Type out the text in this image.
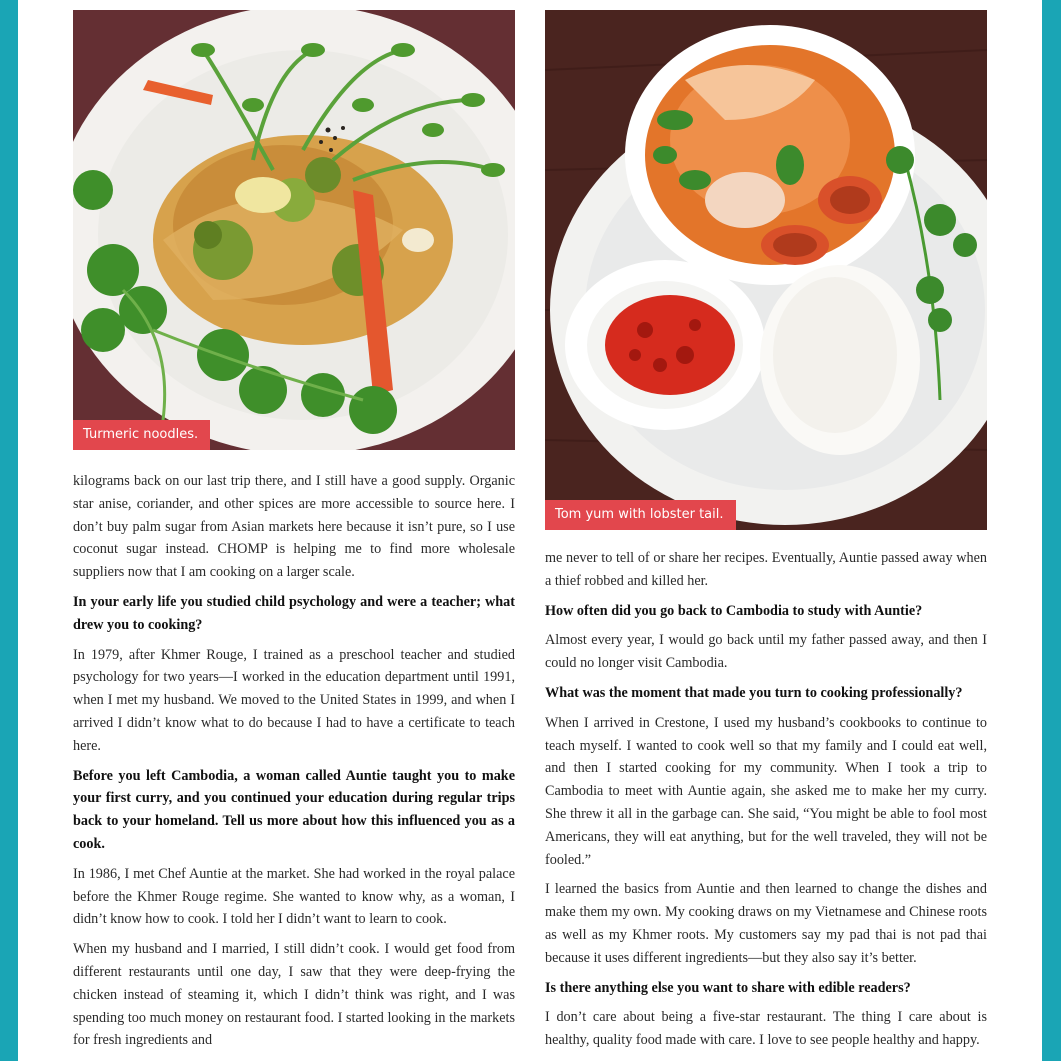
Turmeric noodles.

kilograms back on our last trip there, and I still have a good supply. Organic star anise, coriander, and other spices are more accessible to source here. I don’t buy palm sugar from Asian markets here because it isn’t pure, so I use coconut sugar instead. CHOMP is helping me to find more wholesale suppliers now that I am cooking on a larger scale.

In your early life you studied child psychology and were a teacher; what drew you to cooking?

In 1979, after Khmer Rouge, I trained as a preschool teacher and studied psychology for two years—I worked in the education department until 1991, when I met my husband. We moved to the United States in 1999, and when I arrived I didn’t know what to do because I had to have a certificate to teach here.

Before you left Cambodia, a woman called Auntie taught you to make your first curry, and you continued your education during regular trips back to your homeland. Tell us more about how this influenced you as a cook.

In 1986, I met Chef Auntie at the market. She had worked in the royal palace before the Khmer Rouge regime. She wanted to know why, as a woman, I didn’t know how to cook. I told her I didn’t want to learn to cook.

When my husband and I married, I still didn’t cook. I would get food from different restaurants until one day, I saw that they were deep-frying the chicken instead of steaming it, which I didn’t think was right, and I was spending too much money on restaurant food. I started looking in the markets for fresh ingredients and

Tom yum with lobster tail.

me never to tell of or share her recipes. Eventually, Auntie passed away when a thief robbed and killed her.

How often did you go back to Cambodia to study with Auntie?

Almost every year, I would go back until my father passed away, and then I could no longer visit Cambodia.

What was the moment that made you turn to cooking professionally?

When I arrived in Crestone, I used my husband’s cookbooks to continue to teach myself. I wanted to cook well so that my family and I could eat well, and then I started cooking for my community. When I took a trip to Cambodia to meet with Auntie again, she asked me to make her my curry. She threw it all in the garbage can. She said, “You might be able to fool most Americans, they will eat anything, but for the well traveled, they will not be fooled.”

I learned the basics from Auntie and then learned to change the dishes and make them my own. My cooking draws on my Vietnamese and Chinese roots as well as my Khmer roots. My customers say my pad thai is not pad thai because it uses different ingredients—but they also say it’s better.

Is there anything else you want to share with edible readers?

I don’t care about being a five-star restaurant. The thing I care about is healthy, quality food made with care. I love to see people healthy and happy.
